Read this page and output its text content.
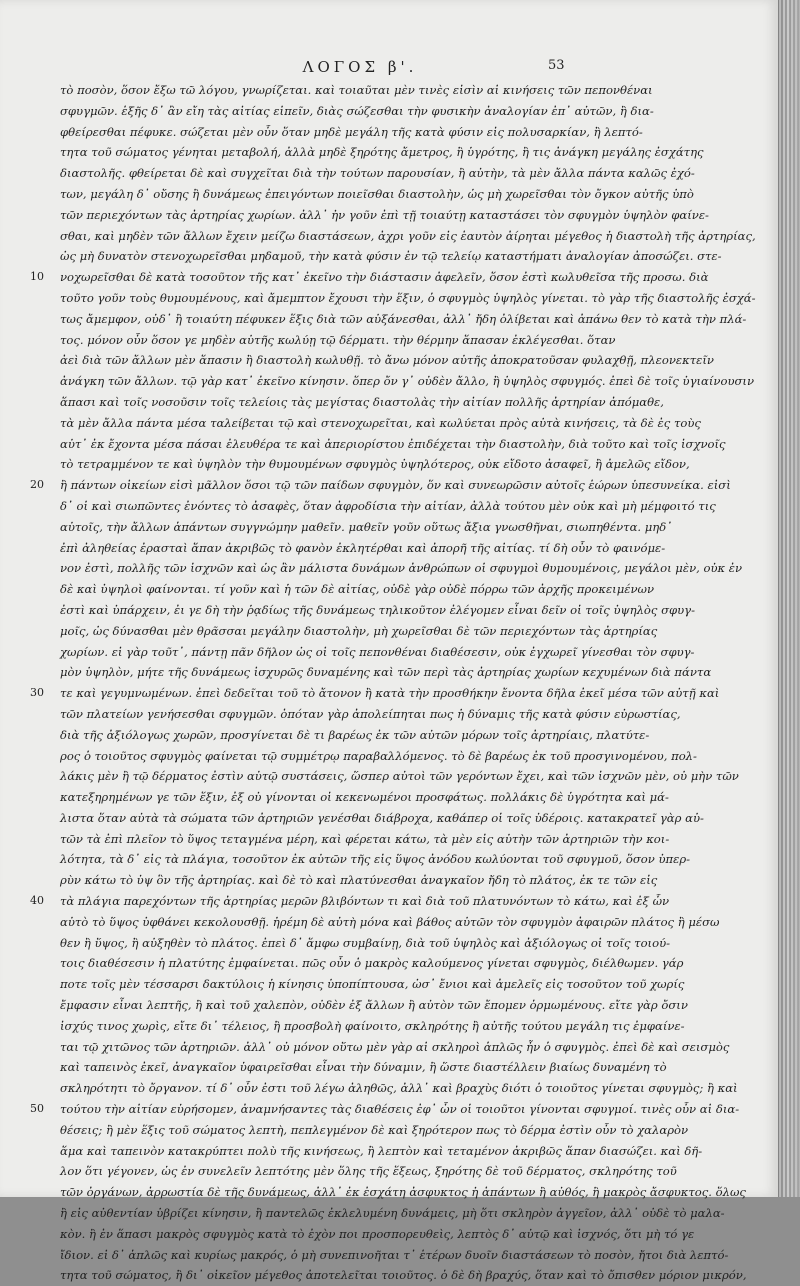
ΛΟΓΟΣ β'.	53
τὸ ποσὸν, ὅσον ἔξω τῶ λόγου, γνωρίζεται. καὶ τοιαῦται μὲν τινὲς εἰσὶν αἱ κινήσεις τῶν πεπονθέναι
σφυγμῶν. ἑξῆς δ᾽ ἂν εἴη τὰς αἰτίας εἰπεῖν, διὰς σώζεσθαι τὴν φυσικὴν ἀναλογίαν ἐπ᾽ αὐτῶν, ἢ δια-
φθείρεσθαι πέφυκε. σώζεται μὲν οὖν ὅταν μηδὲ μεγάλη τῆς κατὰ φύσιν εἰς πολυσαρκίαν, ἢ λεπτό-
τητα τοῦ σώματος γένηται μεταβολή, ἀλλὰ μηδὲ ξηρότης ἄμετρος, ἢ ὑγρότης, ἢ τις ἀνάγκη μεγάλης ἐσχάτης
διαστολῆς. φθείρεται δὲ καὶ συγχεῖται διὰ τὴν τούτων παρουσίαν, ἢ αὐτὴν, τὰ μὲν ἄλλα πάντα καλῶς ἐχό-
των, μεγάλη δ᾽ οὔσης ἢ δυνάμεως ἐπειγόντων ποιεῖσθαι διαστολὴν, ὡς μὴ χωρεῖσθαι τὸν ὄγκον αὐτῆς ὑπὸ
τῶν περιεχόντων τὰς ἀρτηρίας χωρίων. ἀλλ᾽ ἠν γοῦν ἐπὶ τῇ τοιαύτῃ καταστάσει τὸν σφυγμὸν ὑψηλὸν φαίνε-
σθαι, καὶ μηδὲν τῶν ἄλλων ἔχειν μείζω διαστάσεων, ἀχρι γοῦν εἰς ἑαυτὸν ἀίρηται μέγεθος ἡ διαστολὴ τῆς ἀρτηρίας,
ὡς μὴ δυνατὸν στενοχωρεῖσθαι μηδαμοῦ, τὴν κατὰ φύσιν ἐν τῷ τελείῳ καταστήματι ἀναλογίαν ἀποσώζει. στε-
νοχωρεῖσθαι δὲ κατὰ τοσοῦτον τῆς κατ᾽ ἐκεῖνο τὴν διάστασιν ἀφελεῖν, ὅσον ἐστὶ κωλυθεῖσα τῆς προσω. διὰ
τοῦτο γοῦν τοὺς θυμουμένους, καὶ ἄμεμπτον ἔχουσι τὴν ἕξιν, ὁ σφυγμὸς ὑψηλὸς γίνεται. τὸ γὰρ τῆς διαστολῆς ἐσχά-
τως ἄμεμφον, οὐδ᾽ ἢ τοιαύτη πέφυκεν ἕξις διὰ τῶν αὐξάνεσθαι, ἀλλ᾽ ἤδη ὀλίβεται καὶ ἀπάνω θεν τὸ κατὰ τὴν πλά-
τος. μόνον οὖν ὅσον γε μηδὲν αὐτῆς κωλύῃ τῷ δέρματι. τὴν θέρμην ἅπασαν ἐκλέγεσθαι. ὅταν
ἀεὶ διὰ τῶν ἄλλων μὲν ἅπασιν ἢ διαστολὴ κωλυθῇ. τὸ ἄνω μόνον αὐτῆς ἀποκρατοῦσαν φυλαχθῇ, πλεονεκτεῖν
ἀνάγκη τῶν ἄλλων. τῷ γὰρ κατ᾽ ἐκεῖνο κίνησιν. ὅπερ ὄν γ᾽ οὐδὲν ἄλλο, ἢ ὑψηλὸς σφυγμός. ἐπεὶ δὲ τοῖς ὑγιαίνουσιν
ἅπασι καὶ τοῖς νοσοῦσιν τοῖς τελείοις τὰς μεγίστας διαστολὰς τὴν αἰτίαν πολλῆς ἀρτηρίαν ἀπόμαθε,
τὰ μὲν ἄλλα πάντα μέσα ταλείβεται τῷ καὶ στενοχωρεῖται, καὶ κωλύεται πρὸς αὐτὰ κινήσεις, τὰ δὲ ἐς τοὺς
αὐτ᾽ ἐκ ἔχοντα μέσα πάσαι ἐλευθέρα τε καὶ ἀπεριορίστου ἐπιδέχεται τὴν διαστολὴν, διὰ τοῦτο καὶ τοῖς ἰσχνοῖς
τὸ τετραμμένον τε καὶ ὑψηλὸν τὴν θυμουμένων σφυγμὸς ὑψηλότερος, οὐκ εἴδοτο ἀσαφεῖ, ἢ ἀμελῶς εἴδον,
ἢ πάντων οἰκείων εἰσὶ μᾶλλον ὅσοι τῷ τῶν παίδων σφυγμὸν, ὅν καὶ συνεωρῶσιν αὐτοῖς ἑώρων ὑπεσυνείκα. εἰσὶ
δ᾽ οἱ καὶ σιωπῶντες ἐνόντες τὸ ἀσαφὲς, ὅταν ἀφροδίσια τὴν αἰτίαν, ἀλλὰ τούτου μὲν οὐκ καὶ μὴ μέμφοιτό τις
αὐτοῖς, τὴν ἄλλων ἁπάντων συγγνώμην μαθεῖν. μαθεῖν γοῦν οὕτως ἄξια γνωσθῆναι, σιωπηθέντα. μηδ᾽
ἐπὶ ἀληθείας ἐρασταὶ ἅπαν ἀκριβῶς τὸ φανὸν ἐκλητέρθαι καὶ ἀπορῆ τῆς αἰτίας. τί δὴ οὖν τὸ φαινόμε-
νον ἐστὶ, πολλῆς τῶν ἰσχνῶν καὶ ὡς ἂν μάλιστα δυνάμων ἀνθρώπων οἱ σφυγμοὶ θυμουμένοις, μεγάλοι μὲν, οὐκ ἐν
δὲ καὶ ὑψηλοὶ φαίνονται. τί γοῦν καὶ ἡ τῶν δὲ αἰτίας, οὐδὲ γὰρ οὐδὲ πόρρω τῶν ἀρχῆς προκειμένων
ἐστὶ καὶ ὑπάρχειν, ἐι γε δὴ τὴν ῥᾳδίως τῆς δυνάμεως τηλικοῦτον ἐλέγομεν εἶναι δεῖν οἱ τοῖς ὑψηλὸς σφυγ-
μοῖς, ὡς δύνασθαι μὲν θρᾶσσαι μεγάλην διαστολὴν, μὴ χωρεῖσθαι δὲ τῶν περιεχόντων τὰς ἀρτηρίας
χωρίων. εἰ γὰρ τοῦτ᾽, πάντῃ πᾶν δῆλον ὡς οἱ τοῖς πεπονθέναι διαθέσεσιν, οὐκ ἐγχωρεῖ γίνεσθαι τὸν σφυγ-
μὸν ὑψηλὸν, μήτε τῆς δυνάμεως ἰσχυρῶς δυναμένης καὶ τῶν περὶ τὰς ἀρτηρίας χωρίων κεχυμένων διὰ πάντα
τε καὶ γεγυμνωμένων. ἐπεὶ δεδεῖται τοῦ τὸ ἄτονον ἢ κατὰ τὴν προσθήκην ἔνοντα δῆλα ἐκεῖ μέσα τῶν αὐτῇ καὶ
τῶν πλατείων γενήσεσθαι σφυγμῶν. ὁπόταν γὰρ ἀπολείπηται πως ἡ δύναμις τῆς κατὰ φύσιν εὐρωστίας,
διὰ τῆς ἀξιόλογως χωρῶν, προσγίνεται δὲ τι βαρέως ἐκ τῶν αὐτῶν μόρων τοῖς ἀρτηρίαις, πλατύτε-
ρος ὁ τοιοῦτος σφυγμὸς φαίνεται τῷ συμμέτρῳ παραβαλλόμενος. τὸ δὲ βαρέως ἐκ τοῦ προσγινομένου, πολ-
λάκις μὲν ἢ τῷ δέρματος ἐστὶν αὐτῷ συστάσεις, ὥσπερ αὐτοὶ τῶν γερόντων ἔχει, καὶ τῶν ἰσχνῶν μὲν, οὐ μὴν τῶν
κατεξηρημένων γε τῶν ἕξιν, ἐξ οὐ γίνονται οἱ κεκενωμένοι προσφάτως. πολλάκις δὲ ὑγρότητα καὶ μά-
λιστα ὅταν αὐτὰ τὰ σώματα τῶν ἀρτηριῶν γενέσθαι διάβροχα, καθάπερ οἱ τοῖς ὑδέροις. κατακρατεῖ γὰρ αὐ-
τῶν τὰ ἐπὶ πλεῖον τὸ ὕψος τεταγμένα μέρη, καὶ φέρεται κάτω, τὰ μὲν εἰς αὐτὴν τῶν ἀρτηριῶν τὴν κοι-
λότητα, τὰ δ᾽ εἰς τὰ πλάγια, τοσοῦτον ἐκ αὐτῶν τῆς εἰς ὕψος ἀνόδου κωλύονται τοῦ σφυγμοῦ, ὅσον ὑπερ-
ρὺν κάτω τὸ ὑψ ὃν τῆς ἀρτηρίας. καὶ δὲ τὸ καὶ πλατύνεσθαι ἀναγκαῖον ἤδη τὸ πλάτος, ἐκ τε τῶν εἰς
τὰ πλάγια παρεχόντων τῆς ἀρτηρίας μερῶν βλιβόντων τι καὶ διὰ τοῦ πλατυνόντων τὸ κάτω, καὶ ἐξ ὧν
αὐτὸ τὸ ὕψος ὑφθάνει κεκολουσθῇ. ἠρέμη δὲ αὐτὴ μόνα καὶ βάθος αὐτῶν τὸν σφυγμὸν ἀφαιρῶν πλάτος ἢ μέσω
θεν ἢ ὕψος, ἢ αὐξηθὲν τὸ πλάτος. ἐπεὶ δ᾽ ἅμφω συμβαίνῃ, διὰ τοῦ ὑψηλὸς καὶ ἀξιόλογως οἱ τοῖς τοιού-
τοις διαθέσεσιν ἡ πλατύτης ἐμφαίνεται. πῶς οὖν ὁ μακρὸς καλούμενος γίνεται σφυγμὸς, διέλθωμεν. γάρ
ποτε τοῖς μὲν τέσσαρσι δακτύλοις ἡ κίνησις ὑποπίπτουσα, ὡσ᾽ ἔνιοι καὶ ἀμελεῖς εἰς τοσοῦτον τοῦ χωρίς
ἔμφασιν εἶναι λεπτῆς, ἢ καὶ τοῦ χαλεπὸν, οὐδὲν ἐξ ἄλλων ἢ αὐτὸν τῶν ἔπομεν ὁρμωμένους. εἴτε γὰρ ὄσιν
ἰσχύς τινος χωρὶς, εἴτε δι᾽ τέλειος, ἢ προσβολὴ φαίνοιτο, σκληρότης ἢ αὐτῆς τούτου μεγάλη τις ἐμφαίνε-
ται τῷ χιτῶνος τῶν ἀρτηριῶν. ἀλλ᾽ οὐ μόνον οὕτω μὲν γὰρ αἱ σκληροὶ ἁπλῶς ἦν ὁ σφυγμὸς. ἐπεὶ δὲ καὶ σεισμὸς
καὶ ταπεινὸς ἐκεῖ, ἀναγκαῖον ὑφαιρεῖσθαι εἶναι τὴν δύναμιν, ἢ ὥστε διαστέλλειν βιαίως δυναμένη τὸ
σκληρότητι τὸ ὄργανον. τί δ᾽ οὖν ἐστι τοῦ λέγω ἀληθῶς, ἀλλ᾽ καὶ βραχὺς διότι ὁ τοιοῦτος γίνεται σφυγμὸς; ἢ καὶ
τούτου τὴν αἰτίαν εὑρήσομεν, ἀναμνήσαντες τὰς διαθέσεις ἐφ᾽ ὧν οἱ τοιοῦτοι γίνονται σφυγμοί. τινὲς οὖν αἱ δια-
θέσεις; ἢ μὲν ἕξις τοῦ σώματος λεπτὴ, πεπλεγμένον δὲ καὶ ξηρότερον πως τὸ δέρμα ἐστὶν οὖν τὸ χαλαρὸν
ἅμα καὶ ταπεινὸν κατακρύπτει πολὺ τῆς κινήσεως, ἢ λεπτὸν καὶ τεταμένον ἀκριβῶς ἅπαν διασώζει. καὶ δῆ-
λον ὅτι γέγονεν, ὡς ἐν συνελεῖν λεπτότης μὲν ὅλης τῆς ἕξεως, ξηρότης δὲ τοῦ δέρματος, σκληρότης τοῦ
τῶν ὀργάνων, ἀρρωστία δὲ τῆς δυνάμεως, ἀλλ᾽ ἐκ ἐσχάτη ἀσφυκτος ἡ ἁπάντων ἢ αὐθός, ἢ μακρὸς ἄσφυκτος. ὅλως
ἢ εἰς αὐθεντίαν ὑβρίζει κίνησιν, ἢ παντελῶς ἐκλελυμένη δυνάμεις, μὴ ὅτι σκληρὸν ἀγγεῖον, ἀλλ᾽ οὐδὲ τὸ μαλα-
κὸν. ἢ ἐν ἅπασι μακρὸς σφυγμὸς κατὰ τὸ ἐχὸν ποι προσπορευθεὶς, λεπτὸς δ᾽ αὐτῷ καὶ ἰσχνός, ὅτι μὴ τό γε
ἴδιον. εἰ δ᾽ ἁπλῶς καὶ κυρίως μακρός, ὁ μὴ συνεπινοῆται τ᾽ ἑτέρων δυοῖν διαστάσεων τὸ ποσὸν, ἤτοι διὰ λεπτό-
τητα τοῦ σώματος, ἢ δι᾽ οἰκεῖον μέγεθος ἀποτελεῖται τοιοῦτος. ὁ δὲ δὴ βραχύς, ὅταν καὶ τὸ ὄπισθεν μόριον μικρόν,
10
20
30
40
50
